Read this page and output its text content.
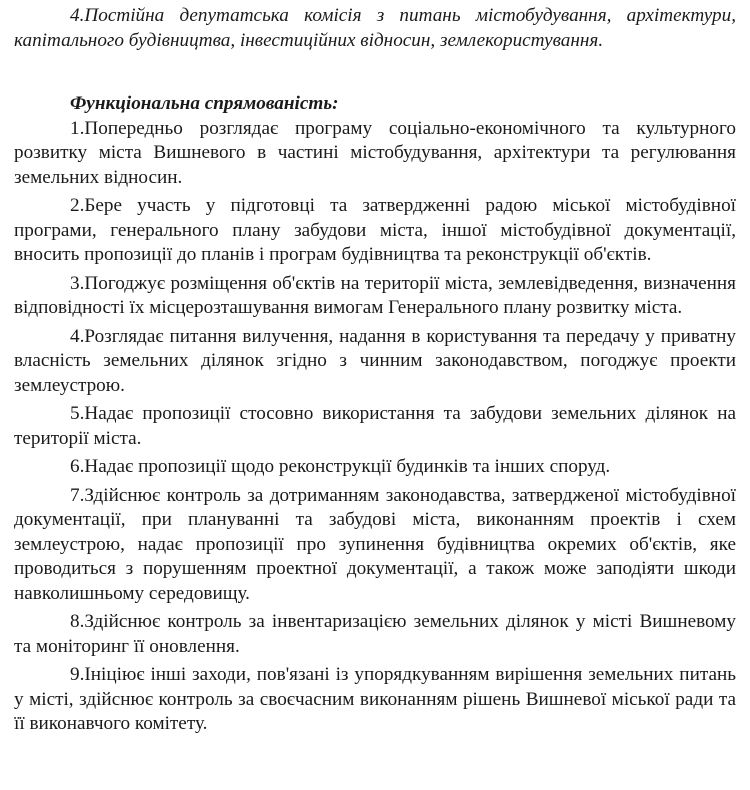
4.Постійна депутатська комісія з питань містобудування, архітектури, капітального будівництва, інвестиційних відносин, землекористування.

Функціональна спрямованість:

1.Попередньо розглядає програму соціально-економічного та культурного розвитку міста Вишневого в частині містобудування, архітектури та регулювання земельних відносин.

2.Бере участь у підготовці та затвердженні радою міської містобудівної програми, генерального плану забудови міста, іншої містобудівної документації, вносить пропозиції до планів і програм будівництва та реконструкції об'єктів.

3.Погоджує розміщення об'єктів на території міста, землевідведення, визначення відповідності їх місцерозташування вимогам Генерального плану розвитку міста.

4.Розглядає питання вилучення, надання в користування та передачу у приватну власність земельних ділянок згідно з чинним законодавством, погоджує проекти землеустрою.

5.Надає пропозиції стосовно використання та забудови земельних ділянок на території міста.

6.Надає пропозиції щодо реконструкції будинків та інших споруд.

7.Здійснює контроль за дотриманням законодавства, затвердженої містобудівної документації, при плануванні та забудові міста, виконанням проектів і схем землеустрою, надає пропозиції про зупинення будівництва окремих об'єктів, яке проводиться з порушенням проектної документації, а також може заподіяти шкоди навколишньому середовищу.

8.Здійснює контроль за інвентаризацією земельних ділянок у місті Вишневому та моніторинг її оновлення.

9.Ініціює інші заходи, пов'язані із упорядкуванням вирішення земельних питань у місті, здійснює контроль за своєчасним виконанням рішень Вишневої міської ради та її виконавчого комітету.
